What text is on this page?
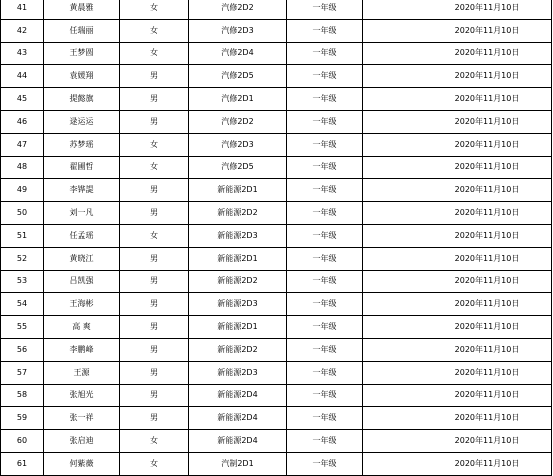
41	黄晨雅	女	汽修2D2	一年级	2020年11月10日
42	任瑞丽	女	汽修2D3	一年级	2020年11月10日
43	王梦圆	女	汽修2D4	一年级	2020年11月10日
44	袁媛翔	男	汽修2D5	一年级	2020年11月10日
45	提懿旗	男	汽修2D1	一年级	2020年11月10日
46	逯运运	男	汽修2D2	一年级	2020年11月10日
47	苏梦瑶	女	汽修2D3	一年级	2020年11月10日
48	翟圃哲	女	汽修2D5	一年级	2020年11月10日
49	李铧諟	男	新能源2D1	一年级	2020年11月10日
50	刘一凡	男	新能源2D2	一年级	2020年11月10日
51	任孟瑶	女	新能源2D3	一年级	2020年11月10日
52	黄晓江	男	新能源2D1	一年级	2020年11月10日
53	吕凯强	男	新能源2D2	一年级	2020年11月10日
54	王海彬	男	新能源2D3	一年级	2020年11月10日
55	高 爽	男	新能源2D1	一年级	2020年11月10日
56	李鹏峰	男	新能源2D2	一年级	2020年11月10日
57	王源	男	新能源2D3	一年级	2020年11月10日
58	张旭光	男	新能源2D4	一年级	2020年11月10日
59	张一祥	男	新能源2D4	一年级	2020年11月10日
60	张启迪	女	新能源2D4	一年级	2020年11月10日
61	何紫薇	女	汽制2D1	一年级	2020年11月10日
